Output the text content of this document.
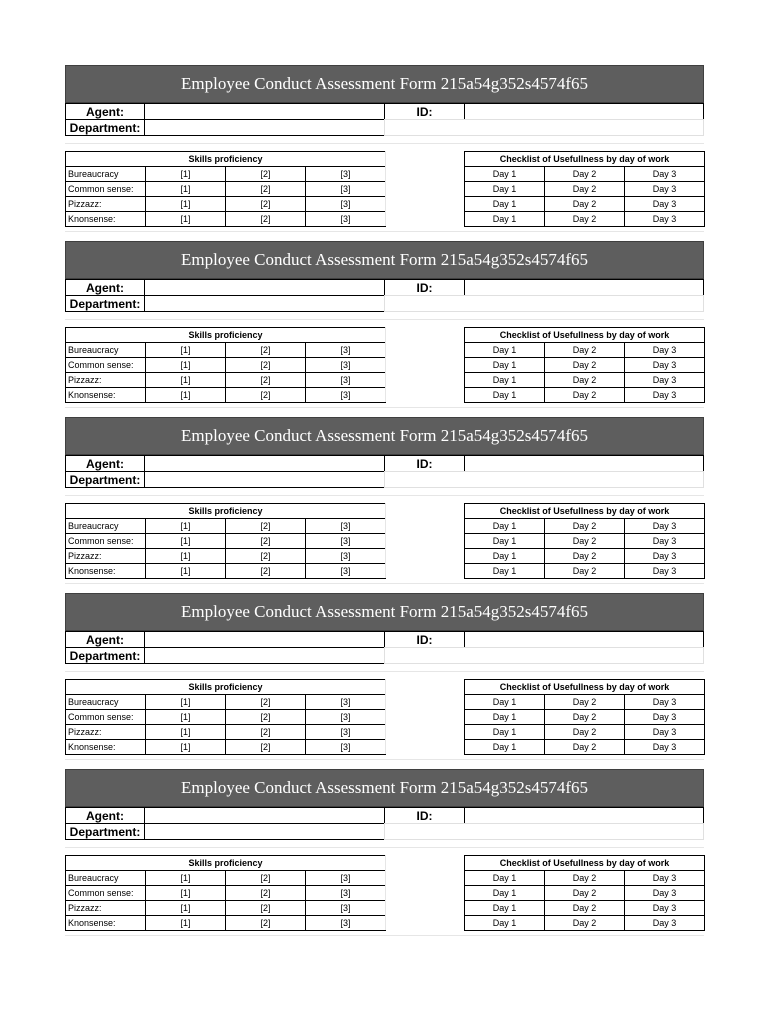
Employee Conduct Assessment Form 215a54g352s4574f65
Agent:	ID:
Department:
Skills proficiency			
Bureaucracy	[1]	[2]	[3]
Common sense:	[1]	[2]	[3]
Pizzazz:	[1]	[2]	[3]
Knonsense:	[1]	[2]	[3]
Checklist of Usefullness by day of work		
Day 1	Day 2	Day 3
Day 1	Day 2	Day 3
Day 1	Day 2	Day 3
Day 1	Day 2	Day 3
Employee Conduct Assessment Form 215a54g352s4574f65
Agent:	ID:
Department:
Skills proficiency			
Bureaucracy	[1]	[2]	[3]
Common sense:	[1]	[2]	[3]
Pizzazz:	[1]	[2]	[3]
Knonsense:	[1]	[2]	[3]
Checklist of Usefullness by day of work		
Day 1	Day 2	Day 3
Day 1	Day 2	Day 3
Day 1	Day 2	Day 3
Day 1	Day 2	Day 3
Employee Conduct Assessment Form 215a54g352s4574f65
Agent:	ID:
Department:
Skills proficiency			
Bureaucracy	[1]	[2]	[3]
Common sense:	[1]	[2]	[3]
Pizzazz:	[1]	[2]	[3]
Knonsense:	[1]	[2]	[3]
Checklist of Usefullness by day of work		
Day 1	Day 2	Day 3
Day 1	Day 2	Day 3
Day 1	Day 2	Day 3
Day 1	Day 2	Day 3
Employee Conduct Assessment Form 215a54g352s4574f65
Agent:	ID:
Department:
Skills proficiency			
Bureaucracy	[1]	[2]	[3]
Common sense:	[1]	[2]	[3]
Pizzazz:	[1]	[2]	[3]
Knonsense:	[1]	[2]	[3]
Checklist of Usefullness by day of work		
Day 1	Day 2	Day 3
Day 1	Day 2	Day 3
Day 1	Day 2	Day 3
Day 1	Day 2	Day 3
Employee Conduct Assessment Form 215a54g352s4574f65
Agent:	ID:
Department:
Skills proficiency			
Bureaucracy	[1]	[2]	[3]
Common sense:	[1]	[2]	[3]
Pizzazz:	[1]	[2]	[3]
Knonsense:	[1]	[2]	[3]
Checklist of Usefullness by day of work		
Day 1	Day 2	Day 3
Day 1	Day 2	Day 3
Day 1	Day 2	Day 3
Day 1	Day 2	Day 3
